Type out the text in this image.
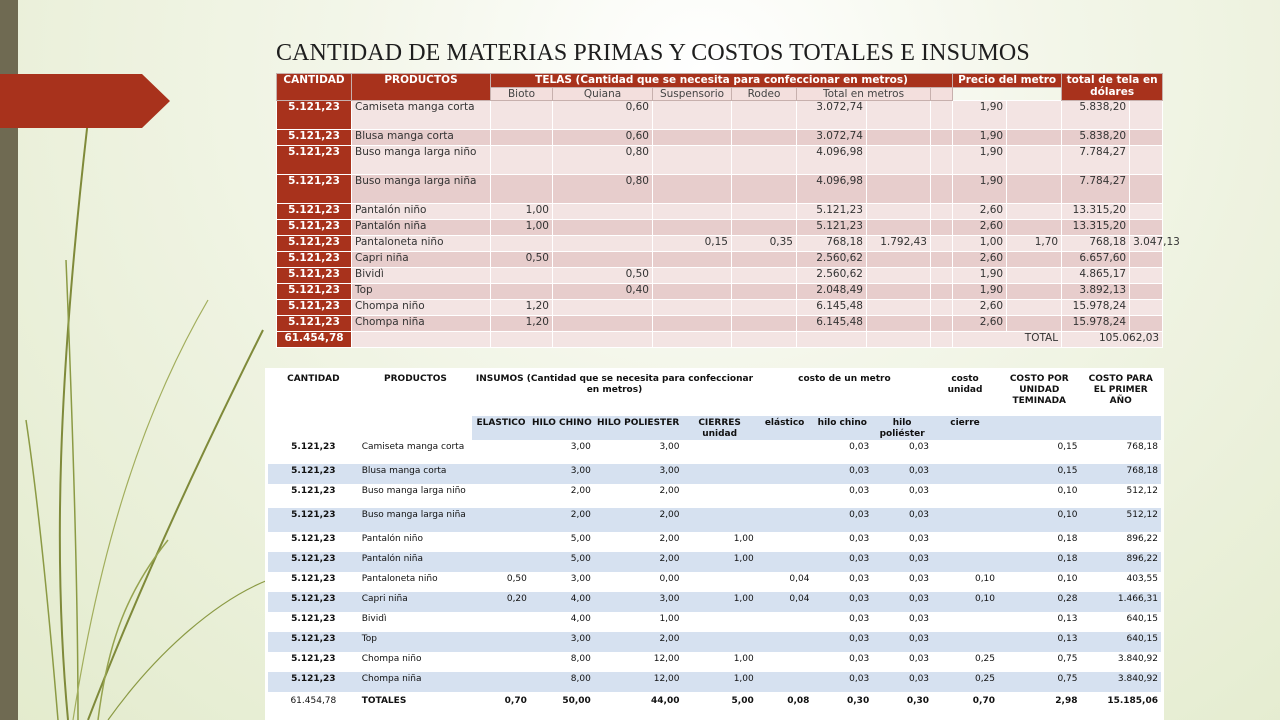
CANTIDAD DE MATERIAS PRIMAS Y COSTOS TOTALES E INSUMOS
CANTIDAD	PRODUCTOS	TELAS (Cantidad que se necesita para confeccionar en metros)							Precio del metro		total de tela en dólares	
		Bioto	Quiana	Suspensorio	Rodeo	Total en metros						
5.121,23	Camiseta manga corta		0,60			3.072,74			1,90		5.838,20	
5.121,23	Blusa manga corta		0,60			3.072,74			1,90		5.838,20	
5.121,23	Buso manga larga niño		0,80			4.096,98			1,90		7.784,27	
5.121,23	Buso manga larga niña		0,80			4.096,98			1,90		7.784,27	
5.121,23	Pantalón niño	1,00				5.121,23			2,60		13.315,20	
5.121,23	Pantalón niña	1,00				5.121,23			2,60		13.315,20	
5.121,23	Pantaloneta niño			0,15	0,35	768,18	1.792,43		1,00	1,70	768,18	3.047,13
5.121,23	Capri niña	0,50				2.560,62			2,60		6.657,60	
5.121,23	Bividì		0,50			2.560,62			1,90		4.865,17	
5.121,23	Top		0,40			2.048,49			1,90		3.892,13	
5.121,23	Chompa niño	1,20				6.145,48			2,60		15.978,24	
5.121,23	Chompa niña	1,20				6.145,48			2,60		15.978,24	
61.454,78									TOTAL		105.062,03	
CANTIDAD	PRODUCTOS	INSUMOS (Cantidad que se necesita para confeccionar en metros)				costo de un metro			costo unidad	COSTO POR UNIDAD TEMINADA	COSTO PARA EL PRIMER AÑO
		ELASTICO	HILO CHINO	HILO POLIESTER	CIERRES unidad	elástico	hilo chino	hilo poliéster	cierre		
5.121,23	Camiseta manga corta		3,00	3,00			0,03	0,03		0,15	768,18
5.121,23	Blusa manga corta		3,00	3,00			0,03	0,03		0,15	768,18
5.121,23	Buso manga larga niño		2,00	2,00			0,03	0,03		0,10	512,12
5.121,23	Buso manga larga niña		2,00	2,00			0,03	0,03		0,10	512,12
5.121,23	Pantalón niño		5,00	2,00	1,00		0,03	0,03		0,18	896,22
5.121,23	Pantalón niña		5,00	2,00	1,00		0,03	0,03		0,18	896,22
5.121,23	Pantaloneta niño	0,50	3,00	0,00		0,04	0,03	0,03	0,10	0,10	403,55
5.121,23	Capri niña	0,20	4,00	3,00	1,00	0,04	0,03	0,03	0,10	0,28	1.466,31
5.121,23	Bividì		4,00	1,00			0,03	0,03		0,13	640,15
5.121,23	Top		3,00	2,00			0,03	0,03		0,13	640,15
5.121,23	Chompa niño		8,00	12,00	1,00		0,03	0,03	0,25	0,75	3.840,92
5.121,23	Chompa niña		8,00	12,00	1,00		0,03	0,03	0,25	0,75	3.840,92
61.454,78	TOTALES	0,70	50,00	44,00	5,00	0,08	0,30	0,30	0,70	2,98	15.185,06
